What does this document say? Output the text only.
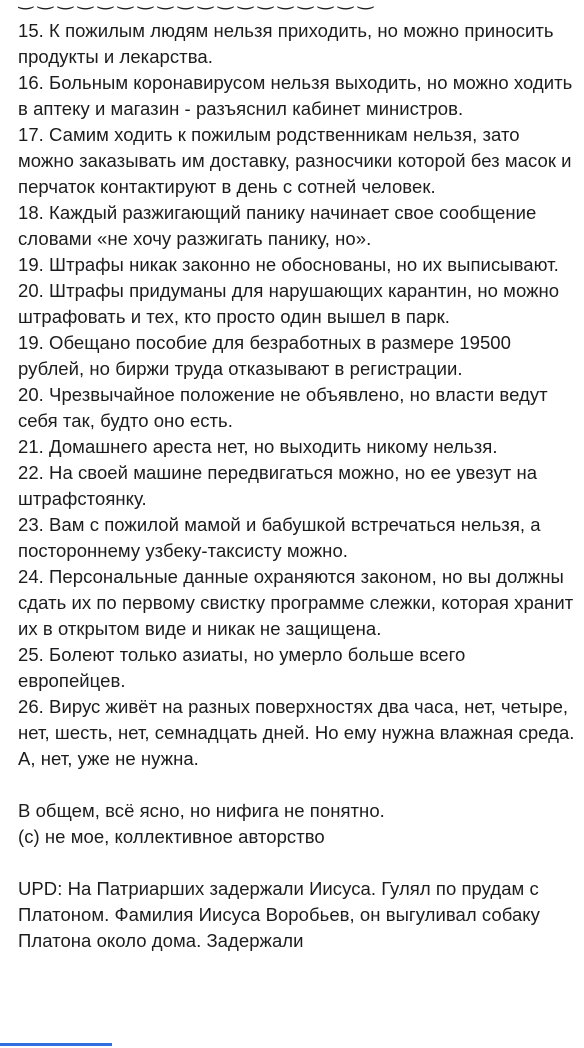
15. К пожилым людям нельзя приходить, но можно приносить продукты и лекарства.

16. Больным коронавирусом нельзя выходить, но можно ходить в аптеку и магазин - разъяснил кабинет министров.

17. Самим ходить к пожилым родственникам нельзя, зато можно заказывать им доставку, разносчики которой без масок и перчаток контактируют в день с сотней человек.

18. Каждый разжигающий панику начинает свое сообщение словами «не хочу разжигать панику, но».

19. Штрафы никак законно не обоснованы, но их выписывают.

20. Штрафы придуманы для нарушающих карантин, но можно штрафовать и тех, кто просто один вышел в парк.

19. Обещано пособие для безработных в размере 19500 рублей, но биржи труда отказывают в регистрации.

20. Чрезвычайное положение не объявлено, но власти ведут себя так, будто оно есть.

21. Домашнего ареста нет, но выходить никому нельзя.

22. На своей машине передвигаться можно, но ее увезут на штрафстоянку.

23. Вам с пожилой мамой и бабушкой встречаться нельзя, а постороннему узбеку-таксисту можно.

24. Персональные данные охраняются законом, но вы должны сдать их по первому свистку программе слежки, которая хранит их в открытом виде и никак не защищена.

25. Болеют только азиаты, но умерло больше всего европейцев.

26. Вирус живёт на разных поверхностях два часа, нет, четыре, нет, шесть, нет, семнадцать дней. Но ему нужна влажная среда. А, нет, уже не нужна.

В общем, всё ясно, но нифига не понятно.

(с) не мое, коллективное авторство

UPD: На Патриарших задержали Иисуса. Гулял по прудам с Платоном. Фамилия Иисуса Воробьев, он выгуливал собаку Платона около дома. Задержали
